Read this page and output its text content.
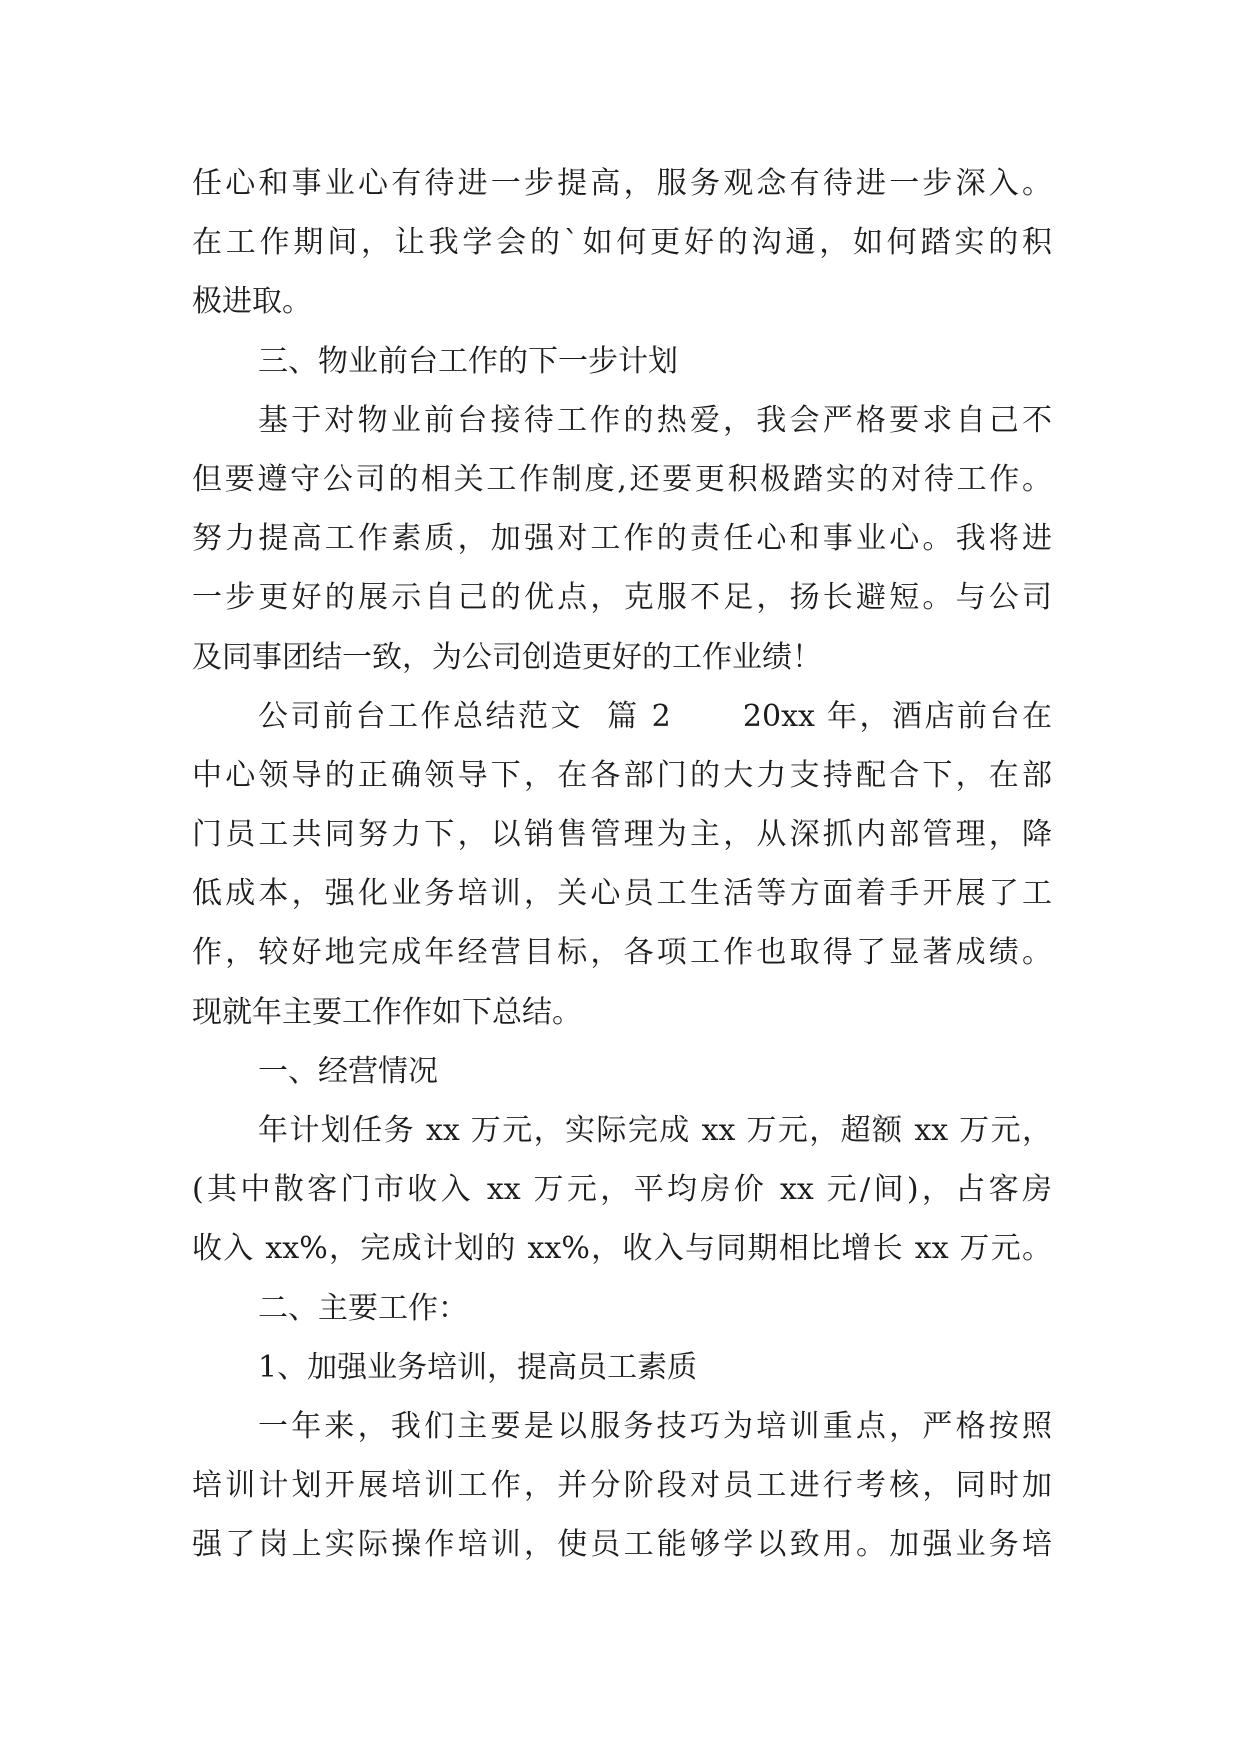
任心和事业心有待进一步提高，服务观念有待进一步深入。
在工作期间，让我学会的`如何更好的沟通，如何踏实的积
极进取。
三、物业前台工作的下一步计划
基于对物业前台接待工作的热爱，我会严格要求自己不
但要遵守公司的相关工作制度,还要更积极踏实的对待工作。
努力提高工作素质，加强对工作的责任心和事业心。我将进
一步更好的展示自己的优点，克服不足，扬长避短。与公司
及同事团结一致，为公司创造更好的工作业绩！
公司前台工作总结范文  篇 2      20xx 年，酒店前台在
中心领导的正确领导下，在各部门的大力支持配合下，在部
门员工共同努力下，以销售管理为主，从深抓内部管理，降
低成本，强化业务培训，关心员工生活等方面着手开展了工
作，较好地完成年经营目标，各项工作也取得了显著成绩。
现就年主要工作作如下总结。
一、经营情况
年计划任务 xx 万元，实际完成 xx 万元，超额 xx 万元，
(其中散客门市收入 xx 万元，平均房价 xx 元/间)，占客房
收入 xx%，完成计划的 xx%，收入与同期相比增长 xx 万元。
二、主要工作：
1、加强业务培训，提高员工素质
一年来，我们主要是以服务技巧为培训重点，严格按照
培训计划开展培训工作，并分阶段对员工进行考核，同时加
强了岗上实际操作培训，使员工能够学以致用。加强业务培
